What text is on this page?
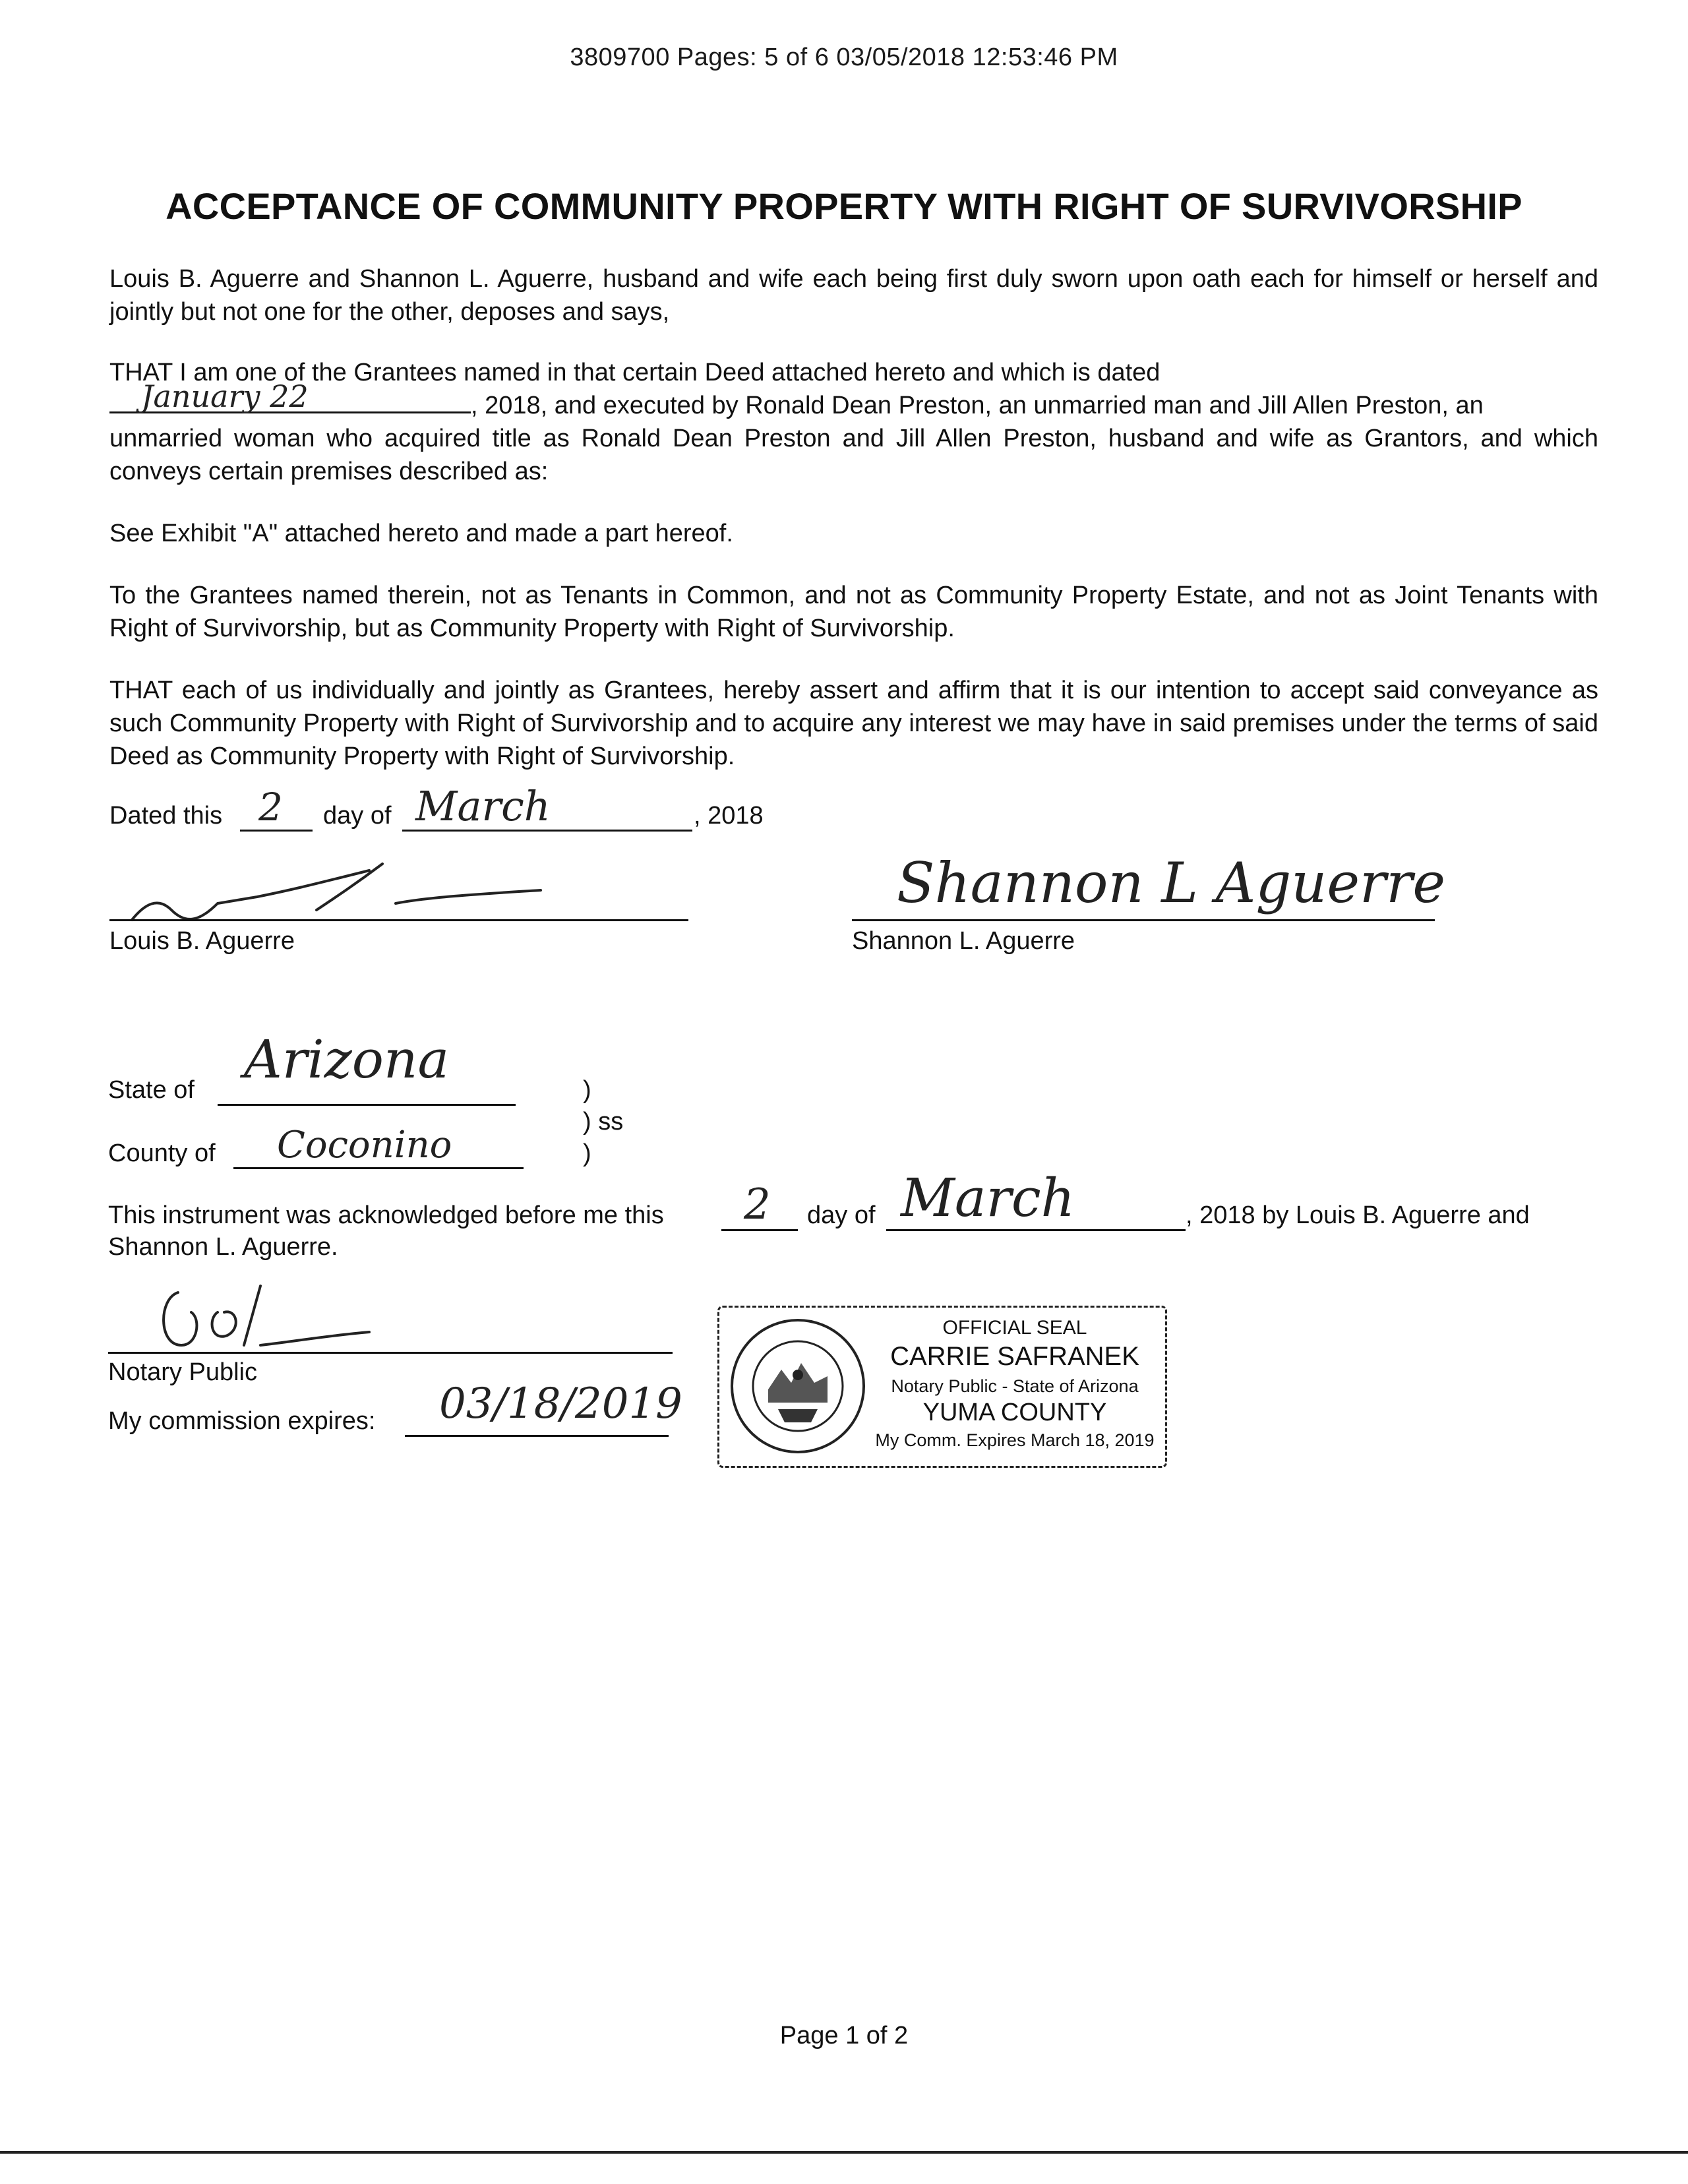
3809700 Pages: 5 of 6 03/05/2018 12:53:46 PM
ACCEPTANCE OF COMMUNITY PROPERTY WITH RIGHT OF SURVIVORSHIP
Louis B. Aguerre and Shannon L. Aguerre, husband and wife each being first duly sworn upon oath each for himself or herself and jointly but not one for the other, deposes and says,
THAT I am one of the Grantees named in that certain Deed attached hereto and which is dated
January 22	, 2018, and executed by Ronald Dean Preston, an unmarried man and Jill Allen Preston, an
unmarried woman who acquired title as Ronald Dean Preston and Jill Allen Preston, husband and wife as Grantors, and which conveys certain premises described as:
See Exhibit "A" attached hereto and made a part hereof.
To the Grantees named therein, not as Tenants in Common, and not as Community Property Estate, and not as Joint Tenants with Right of Survivorship, but as Community Property with Right of Survivorship.
THAT each of us individually and jointly as Grantees, hereby assert and affirm that it is our intention to accept said conveyance as such Community Property with Right of Survivorship and to acquire any interest we may have in said premises under the terms of said Deed as Community Property with Right of Survivorship.
Dated this 2 day of March	, 2018
Louis B. Aguerre
Shannon L Aguerre
Shannon L. Aguerre
State of Arizona	)
) ss
)
County of Coconino
This instrument was acknowledged before me this 2 day of March	, 2018 by Louis B. Aguerre and
Shannon L. Aguerre.
Notary Public
My commission expires: 03/18/2019
OFFICIAL SEAL
CARRIE SAFRANEK
Notary Public - State of Arizona
YUMA COUNTY
My Comm. Expires March 18, 2019
Page 1 of 2
